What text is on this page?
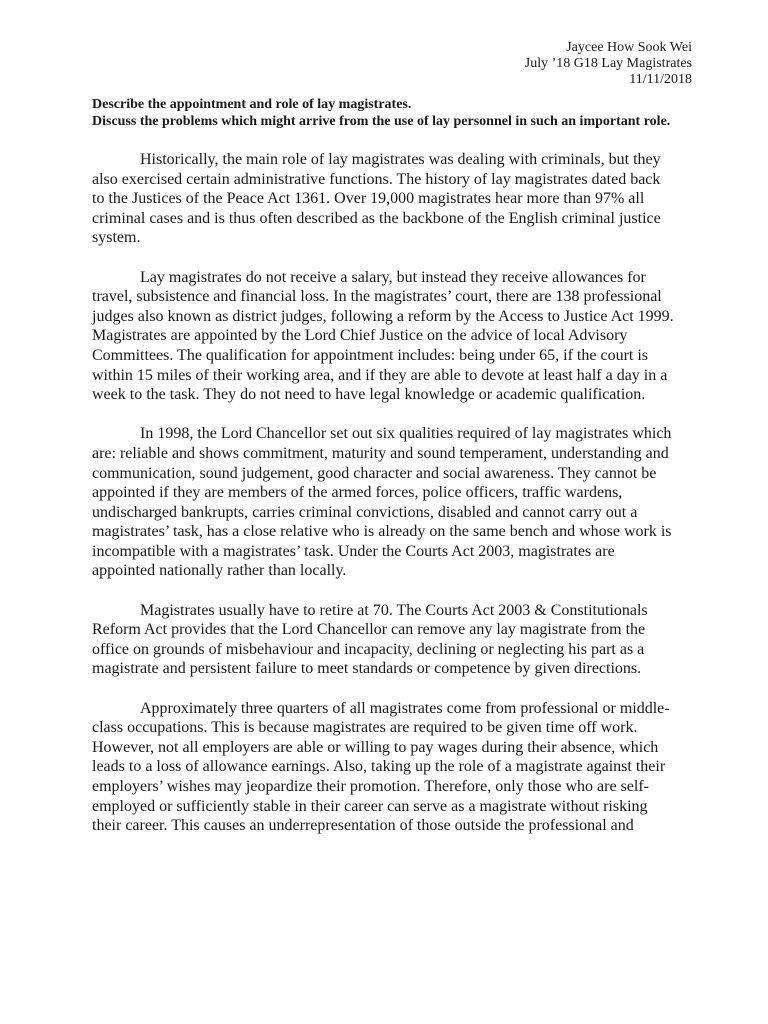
Jaycee How Sook Wei
July ’18 G18 Lay Magistrates
11/11/2018
Describe the appointment and role of lay magistrates.
Discuss the problems which might arrive from the use of lay personnel in such an important role.

Historically, the main role of lay magistrates was dealing with criminals, but they also exercised certain administrative functions. The history of lay magistrates dated back to the Justices of the Peace Act 1361. Over 19,000 magistrates hear more than 97% all criminal cases and is thus often described as the backbone of the English criminal justice system.

Lay magistrates do not receive a salary, but instead they receive allowances for travel, subsistence and financial loss. In the magistrates’ court, there are 138 professional judges also known as district judges, following a reform by the Access to Justice Act 1999. Magistrates are appointed by the Lord Chief Justice on the advice of local Advisory Committees. The qualification for appointment includes: being under 65, if the court is within 15 miles of their working area, and if they are able to devote at least half a day in a week to the task. They do not need to have legal knowledge or academic qualification.

In 1998, the Lord Chancellor set out six qualities required of lay magistrates which are: reliable and shows commitment, maturity and sound temperament, understanding and communication, sound judgement, good character and social awareness. They cannot be appointed if they are members of the armed forces, police officers, traffic wardens, undischarged bankrupts, carries criminal convictions, disabled and cannot carry out a magistrates’ task, has a close relative who is already on the same bench and whose work is incompatible with a magistrates’ task. Under the Courts Act 2003, magistrates are appointed nationally rather than locally.

Magistrates usually have to retire at 70. The Courts Act 2003 & Constitutionals Reform Act provides that the Lord Chancellor can remove any lay magistrate from the office on grounds of misbehaviour and incapacity, declining or neglecting his part as a magistrate and persistent failure to meet standards or competence by given directions.

Approximately three quarters of all magistrates come from professional or middle-class occupations. This is because magistrates are required to be given time off work. However, not all employers are able or willing to pay wages during their absence, which leads to a loss of allowance earnings. Also, taking up the role of a magistrate against their employers’ wishes may jeopardize their promotion. Therefore, only those who are self-employed or sufficiently stable in their career can serve as a magistrate without risking their career. This causes an underrepresentation of those outside the professional and
